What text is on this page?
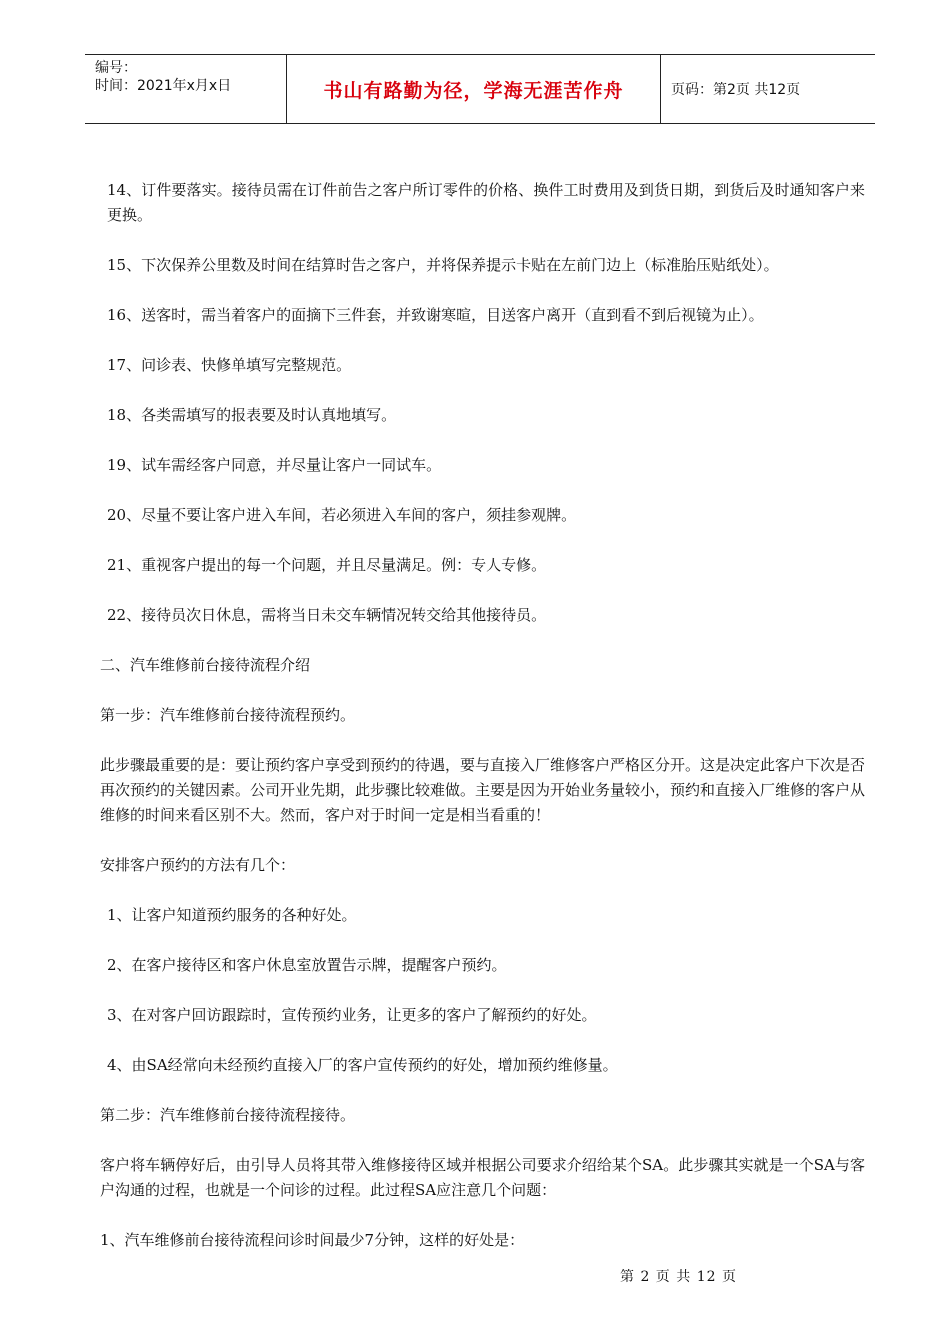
编号：
时间：2021年x月x日	书山有路勤为径，学海无涯苦作舟	页码：第2页 共12页

14、订件要落实。接待员需在订件前告之客户所订零件的价格、换件工时费用及到货日期，到货后及时通知客户来更换。

15、下次保养公里数及时间在结算时告之客户，并将保养提示卡贴在左前门边上（标准胎压贴纸处）。

16、送客时，需当着客户的面摘下三件套，并致谢寒暄，目送客户离开（直到看不到后视镜为止）。

17、问诊表、快修单填写完整规范。

18、各类需填写的报表要及时认真地填写。

19、试车需经客户同意，并尽量让客户一同试车。

20、尽量不要让客户进入车间，若必须进入车间的客户，须挂参观牌。

21、重视客户提出的每一个问题，并且尽量满足。例：专人专修。

22、接待员次日休息，需将当日未交车辆情况转交给其他接待员。

二、汽车维修前台接待流程介绍

第一步：汽车维修前台接待流程预约。

此步骤最重要的是：要让预约客户享受到预约的待遇，要与直接入厂维修客户严格区分开。这是决定此客户下次是否再次预约的关键因素。公司开业先期，此步骤比较难做。主要是因为开始业务量较小，预约和直接入厂维修的客户从维修的时间来看区别不大。然而，客户对于时间一定是相当看重的！

安排客户预约的方法有几个：

1、让客户知道预约服务的各种好处。

2、在客户接待区和客户休息室放置告示牌，提醒客户预约。

3、在对客户回访跟踪时，宣传预约业务，让更多的客户了解预约的好处。

4、由SA经常向未经预约直接入厂的客户宣传预约的好处，增加预约维修量。

第二步：汽车维修前台接待流程接待。

客户将车辆停好后，由引导人员将其带入维修接待区域并根据公司要求介绍给某个SA。此步骤其实就是一个SA与客户沟通的过程，也就是一个问诊的过程。此过程SA应注意几个问题：

1、汽车维修前台接待流程问诊时间最少7分钟，这样的好处是：

第 2 页 共 12 页
